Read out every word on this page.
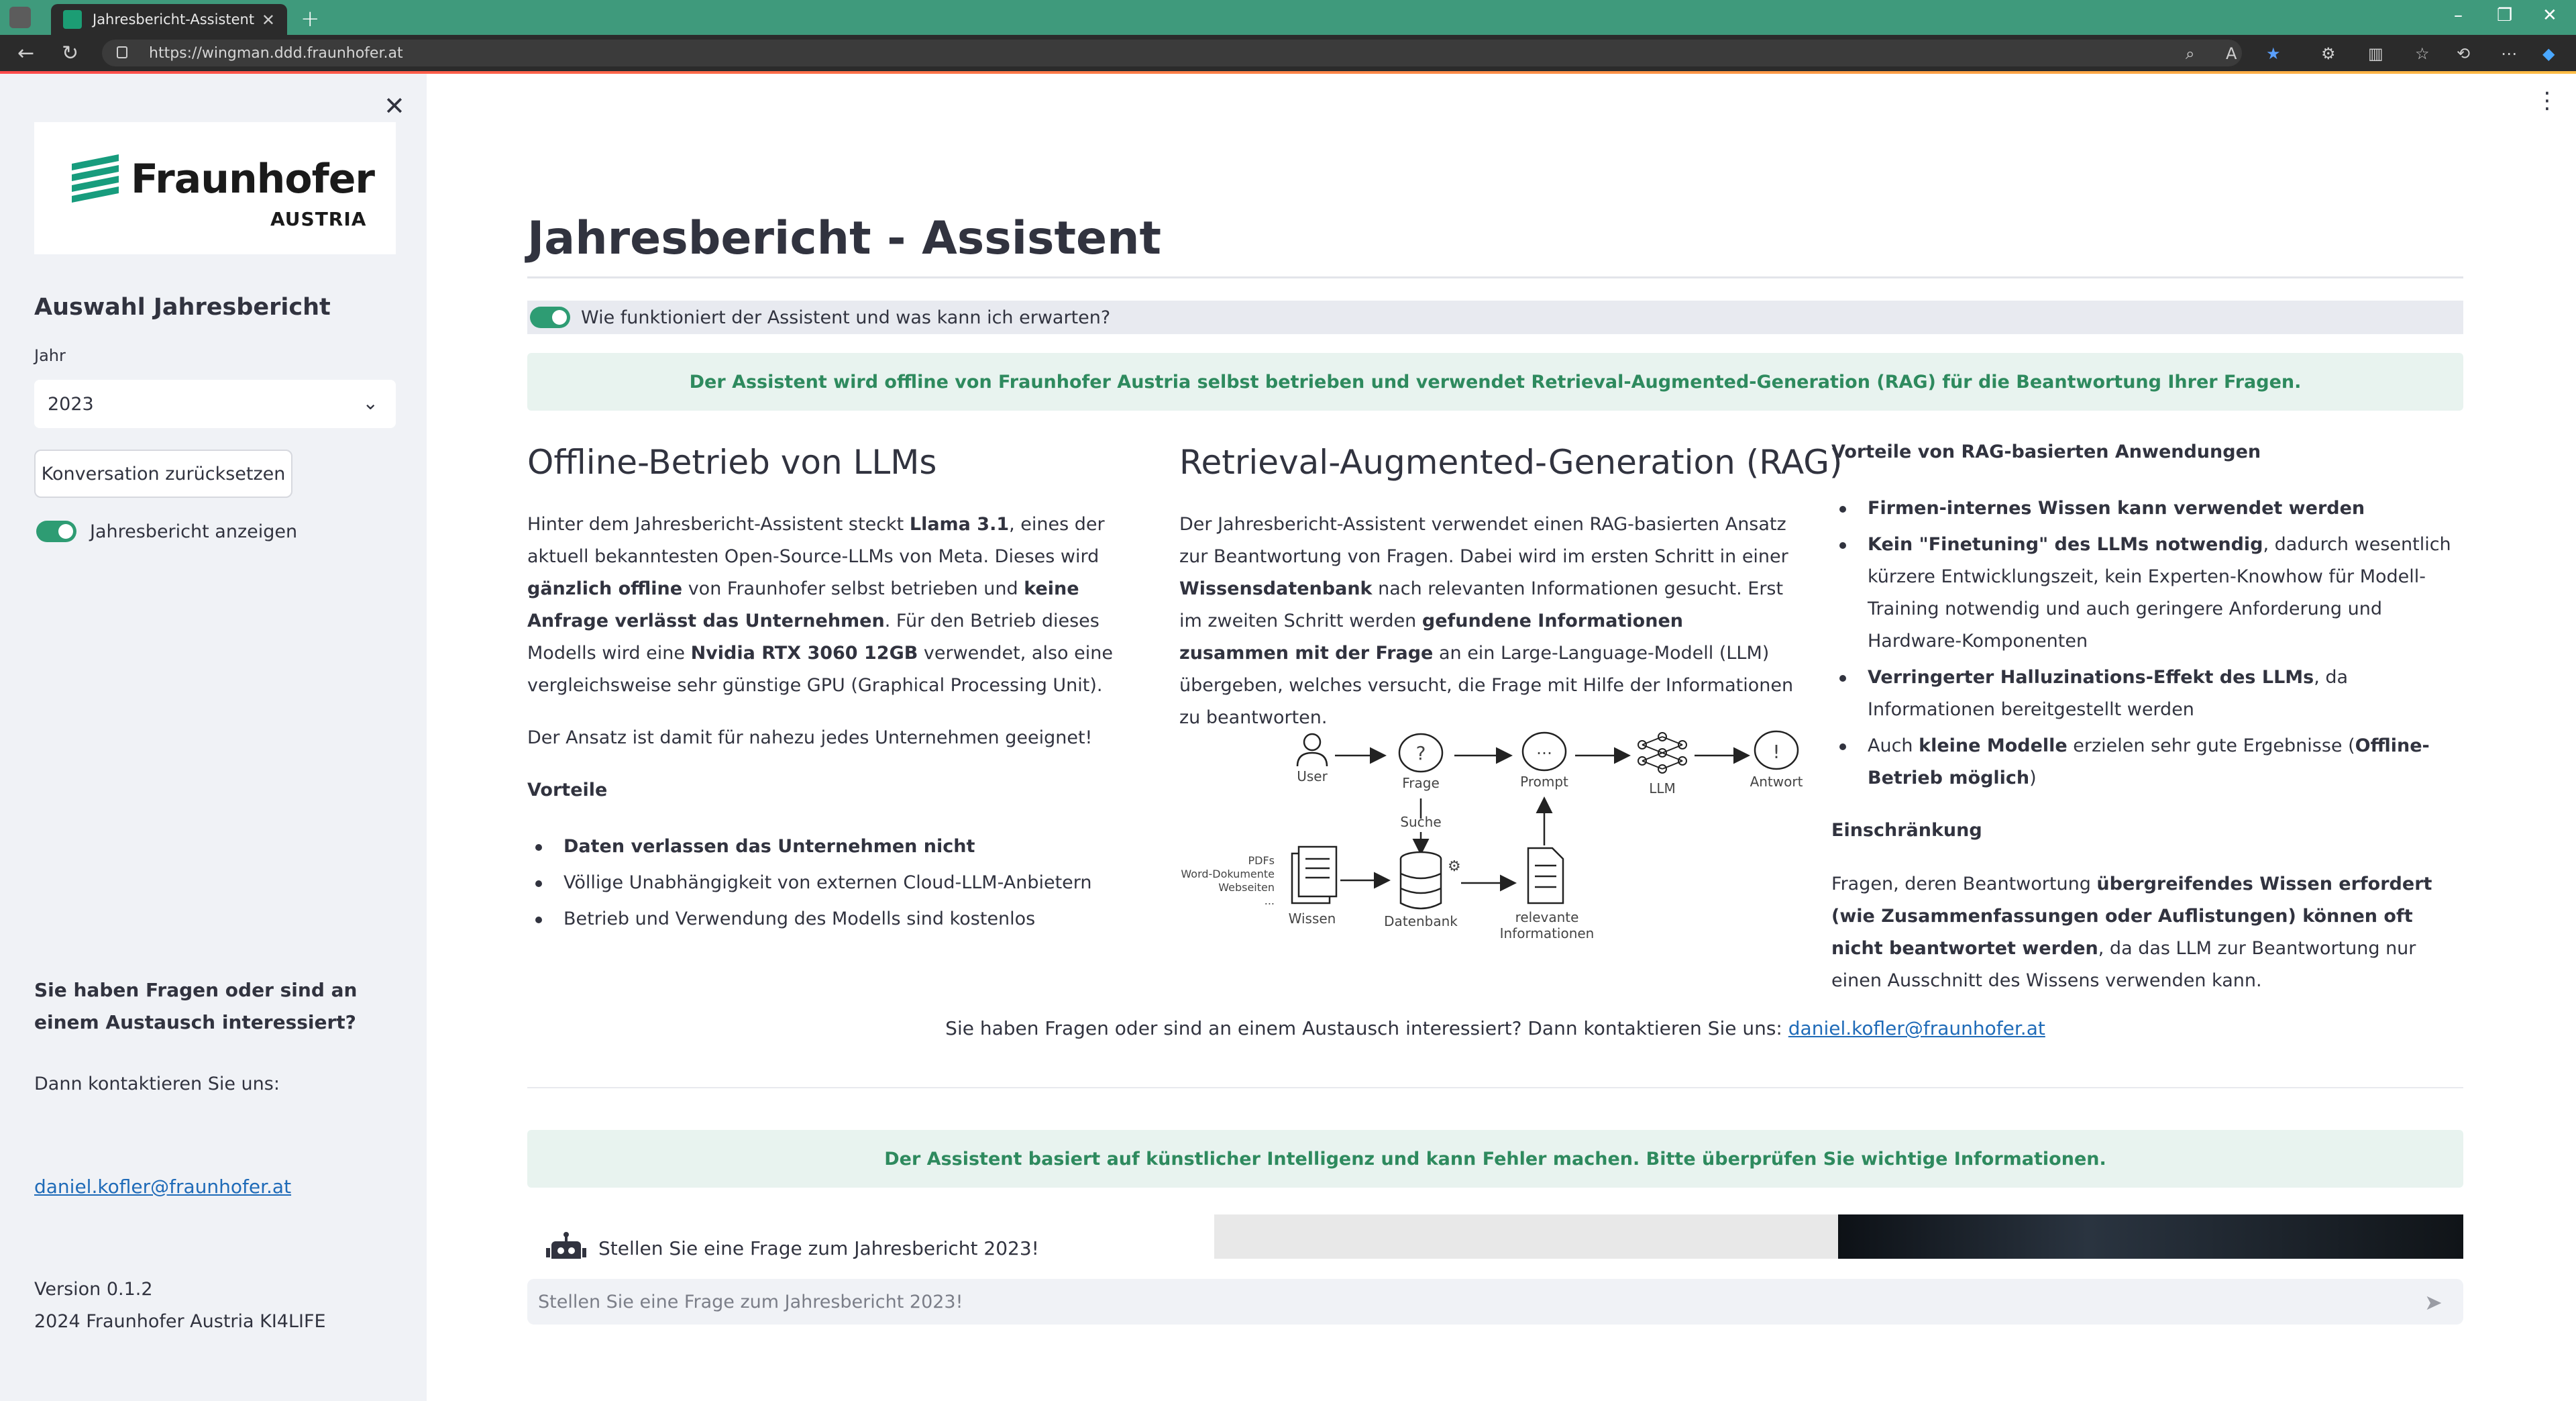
Jahresbericht-Assistent ✕ +	– ❐ ✕
← ↻	https://wingman.ddd.fraunhofer.at	⌕ A ★	⚙ ▥ ☆ ⟲ ⋯ ◆
✕
Fraunhofer
AUSTRIA
Auswahl Jahresbericht
Jahr
2023	⌄
Konversation zurücksetzen
Jahresbericht anzeigen
Sie haben Fragen oder sind an
einem Austausch interessiert?
Dann kontaktieren Sie uns:
daniel.kofler@fraunhofer.at
Version 0.1.2
2024 Fraunhofer Austria KI4LIFE
⋮
Jahresbericht - Assistent
Wie funktioniert der Assistent und was kann ich erwarten?
Der Assistent wird offline von Fraunhofer Austria selbst betrieben und verwendet Retrieval-Augmented-Generation (RAG) für die Beantwortung Ihrer Fragen.
Offline-Betrieb von LLMs
Hinter dem Jahresbericht-Assistent steckt Llama 3.1, eines der aktuell bekanntesten Open-Source-LLMs von Meta. Dieses wird gänzlich offline von Fraunhofer selbst betrieben und keine Anfrage verlässt das Unternehmen. Für den Betrieb dieses Modells wird eine Nvidia RTX 3060 12GB verwendet, also eine vergleichsweise sehr günstige GPU (Graphical Processing Unit).
Der Ansatz ist damit für nahezu jedes Unternehmen geeignet!
Vorteile
Daten verlassen das Unternehmen nicht
Völlige Unabhängigkeit von externen Cloud-LLM-Anbietern
Betrieb und Verwendung des Modells sind kostenlos
Retrieval-Augmented-Generation (RAG)
Der Jahresbericht-Assistent verwendet einen RAG-basierten Ansatz zur Beantwortung von Fragen. Dabei wird im ersten Schritt in einer Wissensdatenbank nach relevanten Informationen gesucht. Erst im zweiten Schritt werden gefundene Informationen zusammen mit der Frage an ein Large-Language-Modell (LLM) übergeben, welches versucht, die Frage mit Hilfe der Informationen zu beantworten.
User
?
Frage
…
Prompt	LLM
!
Antwort
Suche
PDFs
Word-Dokumente
Webseiten
...
Wissen
⚙
Datenbank	relevante
Informationen
Vorteile von RAG-basierten Anwendungen
Firmen-internes Wissen kann verwendet werden
Kein "Finetuning" des LLMs notwendig, dadurch wesentlich kürzere Entwicklungszeit, kein Experten-Knowhow für Modell-Training notwendig und auch geringere Anforderung und Hardware-Komponenten
Verringerter Halluzinations-Effekt des LLMs, da Informationen bereitgestellt werden
Auch kleine Modelle erzielen sehr gute Ergebnisse (Offline-Betrieb möglich)
Einschränkung
Fragen, deren Beantwortung übergreifendes Wissen erfordert (wie Zusammenfassungen oder Auflistungen) können oft nicht beantwortet werden, da das LLM zur Beantwortung nur einen Ausschnitt des Wissens verwenden kann.
Sie haben Fragen oder sind an einem Austausch interessiert? Dann kontaktieren Sie uns: daniel.kofler@fraunhofer.at
Der Assistent basiert auf künstlicher Intelligenz und kann Fehler machen. Bitte überprüfen Sie wichtige Informationen.
Stellen Sie eine Frage zum Jahresbericht 2023!
Stellen Sie eine Frage zum Jahresbericht 2023!	➤
